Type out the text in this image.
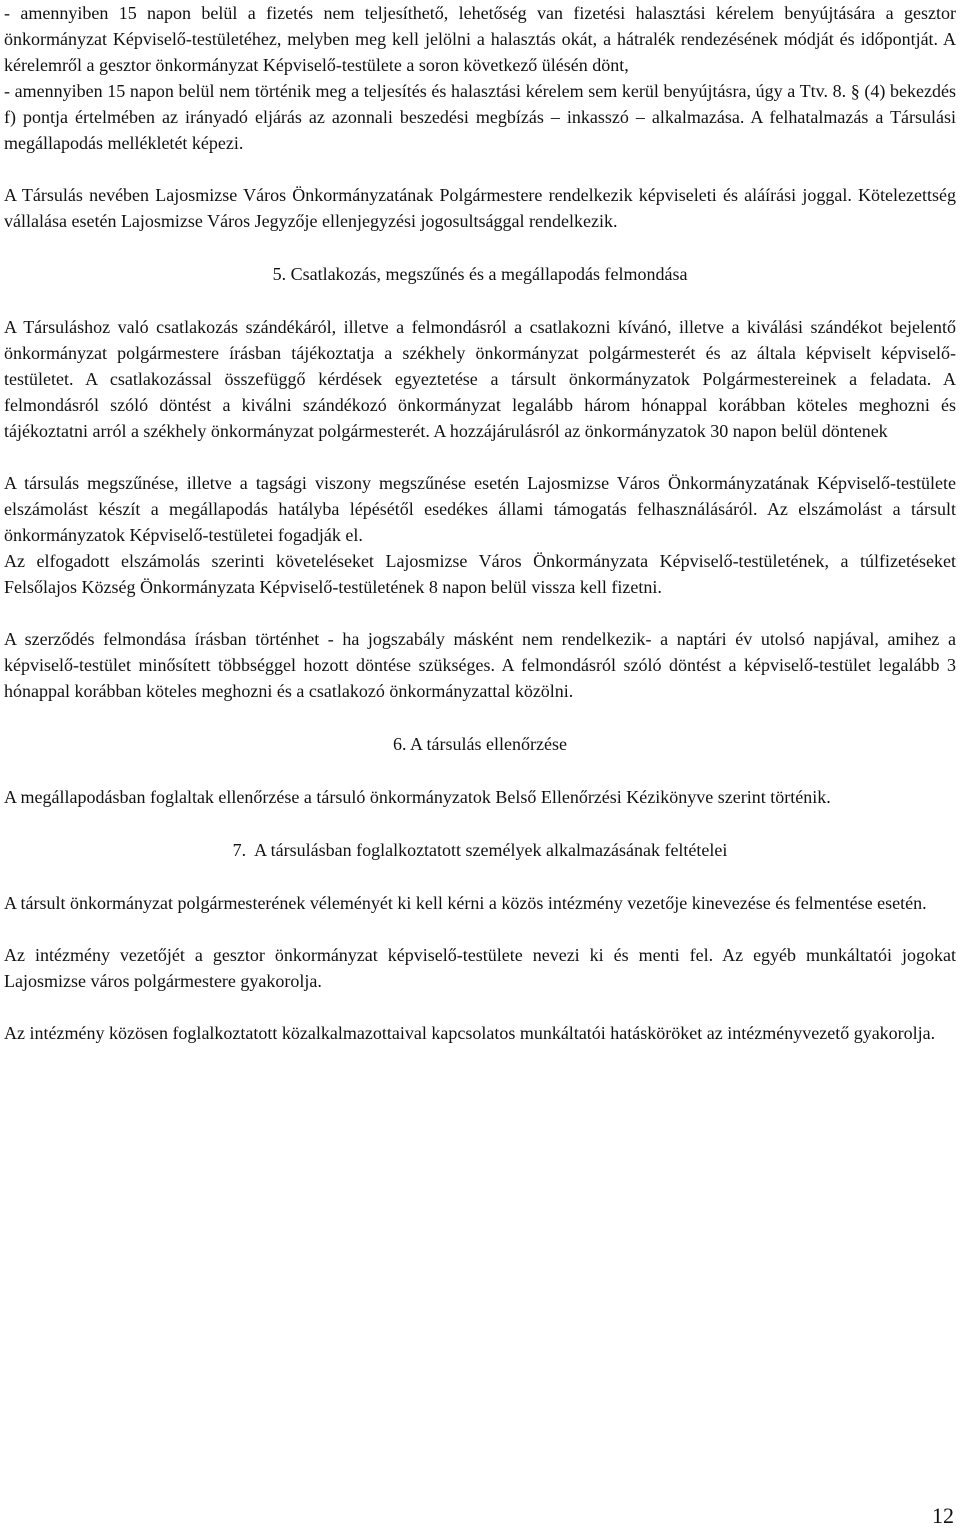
- amennyiben 15 napon belül a fizetés nem teljesíthető, lehetőség van fizetési halasztási kérelem benyújtására a gesztor önkormányzat Képviselő-testületéhez, melyben meg kell jelölni a halasztás okát, a hátralék rendezésének módját és időpontját. A kérelemről a gesztor önkormányzat Képviselő-testülete a soron következő ülésén dönt,

- amennyiben 15 napon belül nem történik meg a teljesítés és halasztási kérelem sem kerül benyújtásra, úgy a Ttv. 8. § (4) bekezdés f) pontja értelmében az irányadó eljárás az azonnali beszedési megbízás – inkasszó – alkalmazása. A felhatalmazás a Társulási megállapodás mellékletét képezi.

A Társulás nevében Lajosmizse Város Önkormányzatának Polgármestere rendelkezik képviseleti és aláírási joggal. Kötelezettség vállalása esetén Lajosmizse Város Jegyzője ellenjegyzési jogosultsággal rendelkezik.

5. Csatlakozás, megszűnés és a megállapodás felmondása

A Társuláshoz való csatlakozás szándékáról, illetve a felmondásról a csatlakozni kívánó, illetve a kiválási szándékot bejelentő önkormányzat polgármestere írásban tájékoztatja a székhely önkormányzat polgármesterét és az általa képviselt képviselő-testületet. A csatlakozással összefüggő kérdések egyeztetése a társult önkormányzatok Polgármestereinek a feladata. A felmondásról szóló döntést a kiválni szándékozó önkormányzat legalább három hónappal korábban köteles meghozni és tájékoztatni arról a székhely önkormányzat polgármesterét. A hozzájárulásról az önkormányzatok 30 napon belül döntenek

A társulás megszűnése, illetve a tagsági viszony megszűnése esetén Lajosmizse Város Önkormányzatának Képviselő-testülete elszámolást készít a megállapodás hatályba lépésétől esedékes állami támogatás felhasználásáról. Az elszámolást a társult önkormányzatok Képviselő-testületei fogadják el.

Az elfogadott elszámolás szerinti követeléseket Lajosmizse Város Önkormányzata Képviselő-testületének, a túlfizetéseket Felsőlajos Község Önkormányzata Képviselő-testületének 8 napon belül vissza kell fizetni.

A szerződés felmondása írásban történhet - ha jogszabály másként nem rendelkezik- a naptári év utolsó napjával, amihez a képviselő-testület minősített többséggel hozott döntése szükséges. A felmondásról szóló döntést a képviselő-testület legalább 3 hónappal korábban köteles meghozni és a csatlakozó önkormányzattal közölni.

6. A társulás ellenőrzése

A megállapodásban foglaltak ellenőrzése a társuló önkormányzatok Belső Ellenőrzési Kézikönyve szerint történik.

7.  A társulásban foglalkoztatott személyek alkalmazásának feltételei

A társult önkormányzat polgármesterének véleményét ki kell kérni a közös intézmény vezetője kinevezése és felmentése esetén.

Az intézmény vezetőjét a gesztor önkormányzat képviselő-testülete nevezi ki és menti fel. Az egyéb munkáltatói jogokat Lajosmizse város polgármestere gyakorolja.

Az intézmény közösen foglalkoztatott közalkalmazottaival kapcsolatos munkáltatói hatásköröket az intézményvezető gyakorolja.

12
